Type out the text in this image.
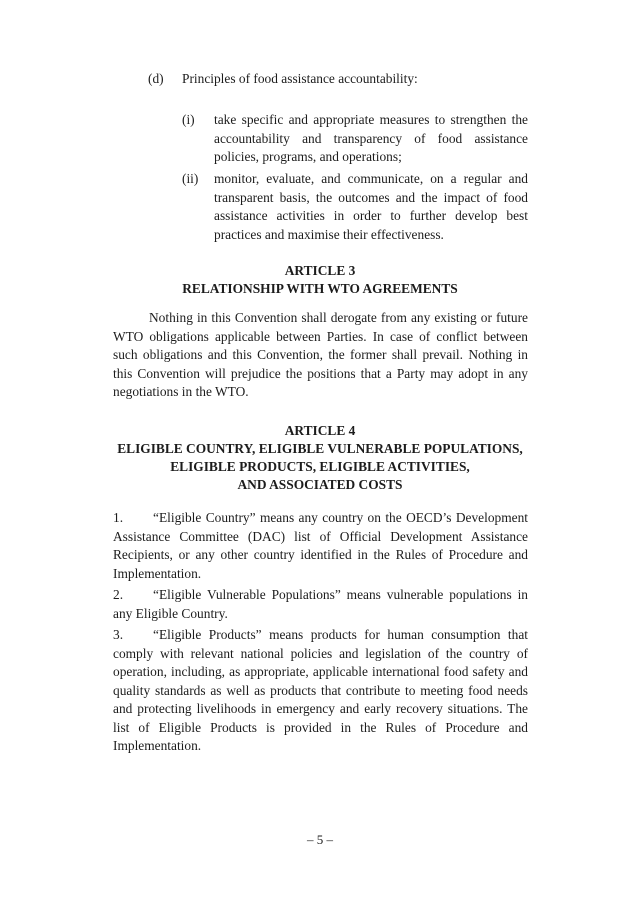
(d) Principles of food assistance accountability:
(i) take specific and appropriate measures to strengthen the accountability and transparency of food assistance policies, programs, and operations;
(ii) monitor, evaluate, and communicate, on a regular and transparent basis, the outcomes and the impact of food assistance activities in order to further develop best practices and maximise their effectiveness.
ARTICLE 3
RELATIONSHIP WITH WTO AGREEMENTS
Nothing in this Convention shall derogate from any existing or future WTO obligations applicable between Parties. In case of conflict between such obligations and this Convention, the former shall prevail. Nothing in this Convention will prejudice the positions that a Party may adopt in any negotiations in the WTO.
ARTICLE 4
ELIGIBLE COUNTRY, ELIGIBLE VULNERABLE POPULATIONS,
ELIGIBLE PRODUCTS, ELIGIBLE ACTIVITIES,
AND ASSOCIATED COSTS
1. “Eligible Country” means any country on the OECD’s Development Assistance Committee (DAC) list of Official Development Assistance Recipients, or any other country identified in the Rules of Procedure and Implementation.
2. “Eligible Vulnerable Populations” means vulnerable populations in any Eligible Country.
3. “Eligible Products” means products for human consumption that comply with relevant national policies and legislation of the country of operation, including, as appropriate, applicable international food safety and quality standards as well as products that contribute to meeting food needs and protecting livelihoods in emergency and early recovery situations. The list of Eligible Products is provided in the Rules of Procedure and Implementation.
– 5 –
